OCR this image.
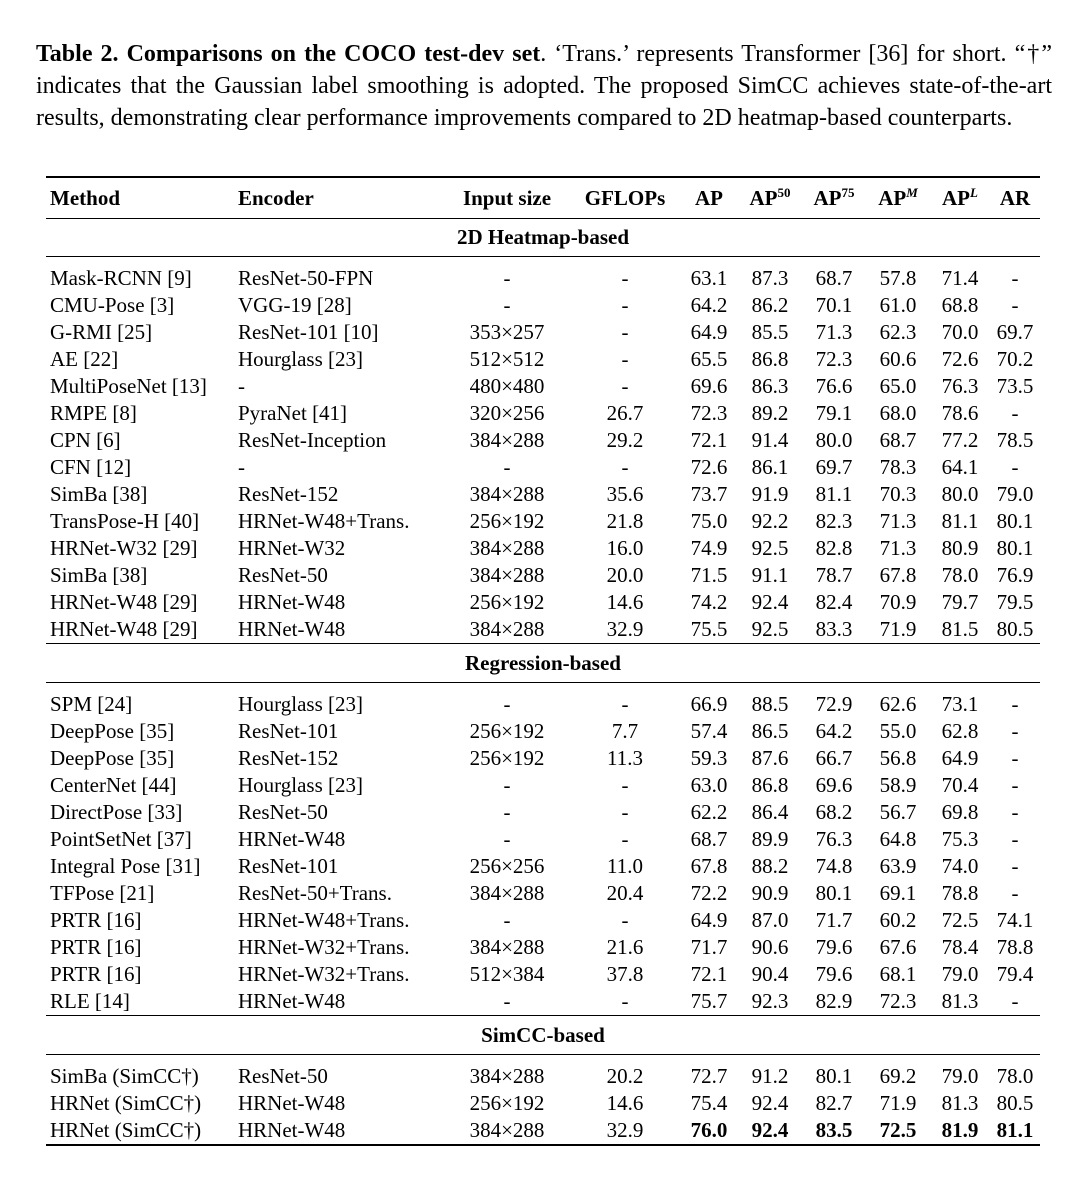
Table 2. Comparisons on the COCO test-dev set. ‘Trans.’ represents Transformer [36] for short. “†” indicates that the Gaussian label smoothing is adopted. The proposed SimCC achieves state-of-the-art results, demonstrating clear performance improvements compared to 2D heatmap-based counterparts.

Method	Encoder	Input size	GFLOPs	AP	AP$^{50}$	AP$^{75}$	$AP^M$	$AP^L$	AR
2D Heatmap-based									

Mask-RCNN [9]	ResNet-50-FPN	-	-	63.1	87.3	68.7	57.8	71.4	-
CMU-Pose [3]	VGG-19 [28]	-	-	64.2	86.2	70.1	61.0	68.8	-
G-RMI [25]	ResNet-101 [10]	353×257	-	64.9	85.5	71.3	62.3	70.0	69.7
AE [22]	Hourglass [23]	512×512	-	65.5	86.8	72.3	60.6	72.6	70.2
MultiPoseNet [13]	-	480×480	-	69.6	86.3	76.6	65.0	76.3	73.5
RMPE [8]	PyraNet [41]	320×256	26.7	72.3	89.2	79.1	68.0	78.6	-
CPN [6]	ResNet-Inception	384×288	29.2	72.1	91.4	80.0	68.7	77.2	78.5
CFN [12]	-	-	-	72.6	86.1	69.7	78.3	64.1	-
SimBa [38]	ResNet-152	384×288	35.6	73.7	91.9	81.1	70.3	80.0	79.0
TransPose-H [40]	HRNet-W48+Trans.	256×192	21.8	75.0	92.2	82.3	71.3	81.1	80.1
HRNet-W32 [29]	HRNet-W32	384×288	16.0	74.9	92.5	82.8	71.3	80.9	80.1
SimBa [38]	ResNet-50	384×288	20.0	71.5	91.1	78.7	67.8	78.0	76.9
HRNet-W48 [29]	HRNet-W48	256×192	14.6	74.2	92.4	82.4	70.9	79.7	79.5
HRNet-W48 [29]	HRNet-W48	384×288	32.9	75.5	92.5	83.3	71.9	81.5	80.5
Regression-based									

SPM [24]	Hourglass [23]	-	-	66.9	88.5	72.9	62.6	73.1	-
DeepPose [35]	ResNet-101	256×192	7.7	57.4	86.5	64.2	55.0	62.8	-
DeepPose [35]	ResNet-152	256×192	11.3	59.3	87.6	66.7	56.8	64.9	-
CenterNet [44]	Hourglass [23]	-	-	63.0	86.8	69.6	58.9	70.4	-
DirectPose [33]	ResNet-50	-	-	62.2	86.4	68.2	56.7	69.8	-
PointSetNet [37]	HRNet-W48	-	-	68.7	89.9	76.3	64.8	75.3	-
Integral Pose [31]	ResNet-101	256×256	11.0	67.8	88.2	74.8	63.9	74.0	-
TFPose [21]	ResNet-50+Trans.	384×288	20.4	72.2	90.9	80.1	69.1	78.8	-
PRTR [16]	HRNet-W48+Trans.	-	-	64.9	87.0	71.7	60.2	72.5	74.1
PRTR [16]	HRNet-W32+Trans.	384×288	21.6	71.7	90.6	79.6	67.6	78.4	78.8
PRTR [16]	HRNet-W32+Trans.	512×384	37.8	72.1	90.4	79.6	68.1	79.0	79.4
RLE [14]	HRNet-W48	-	-	75.7	92.3	82.9	72.3	81.3	-
SimCC-based									

SimBa (SimCC†)	ResNet-50	384×288	20.2	72.7	91.2	80.1	69.2	79.0	78.0
HRNet (SimCC†)	HRNet-W48	256×192	14.6	75.4	92.4	82.7	71.9	81.3	80.5
HRNet (SimCC†)	HRNet-W48	384×288	32.9	76.0	92.4	83.5	72.5	81.9	81.1
